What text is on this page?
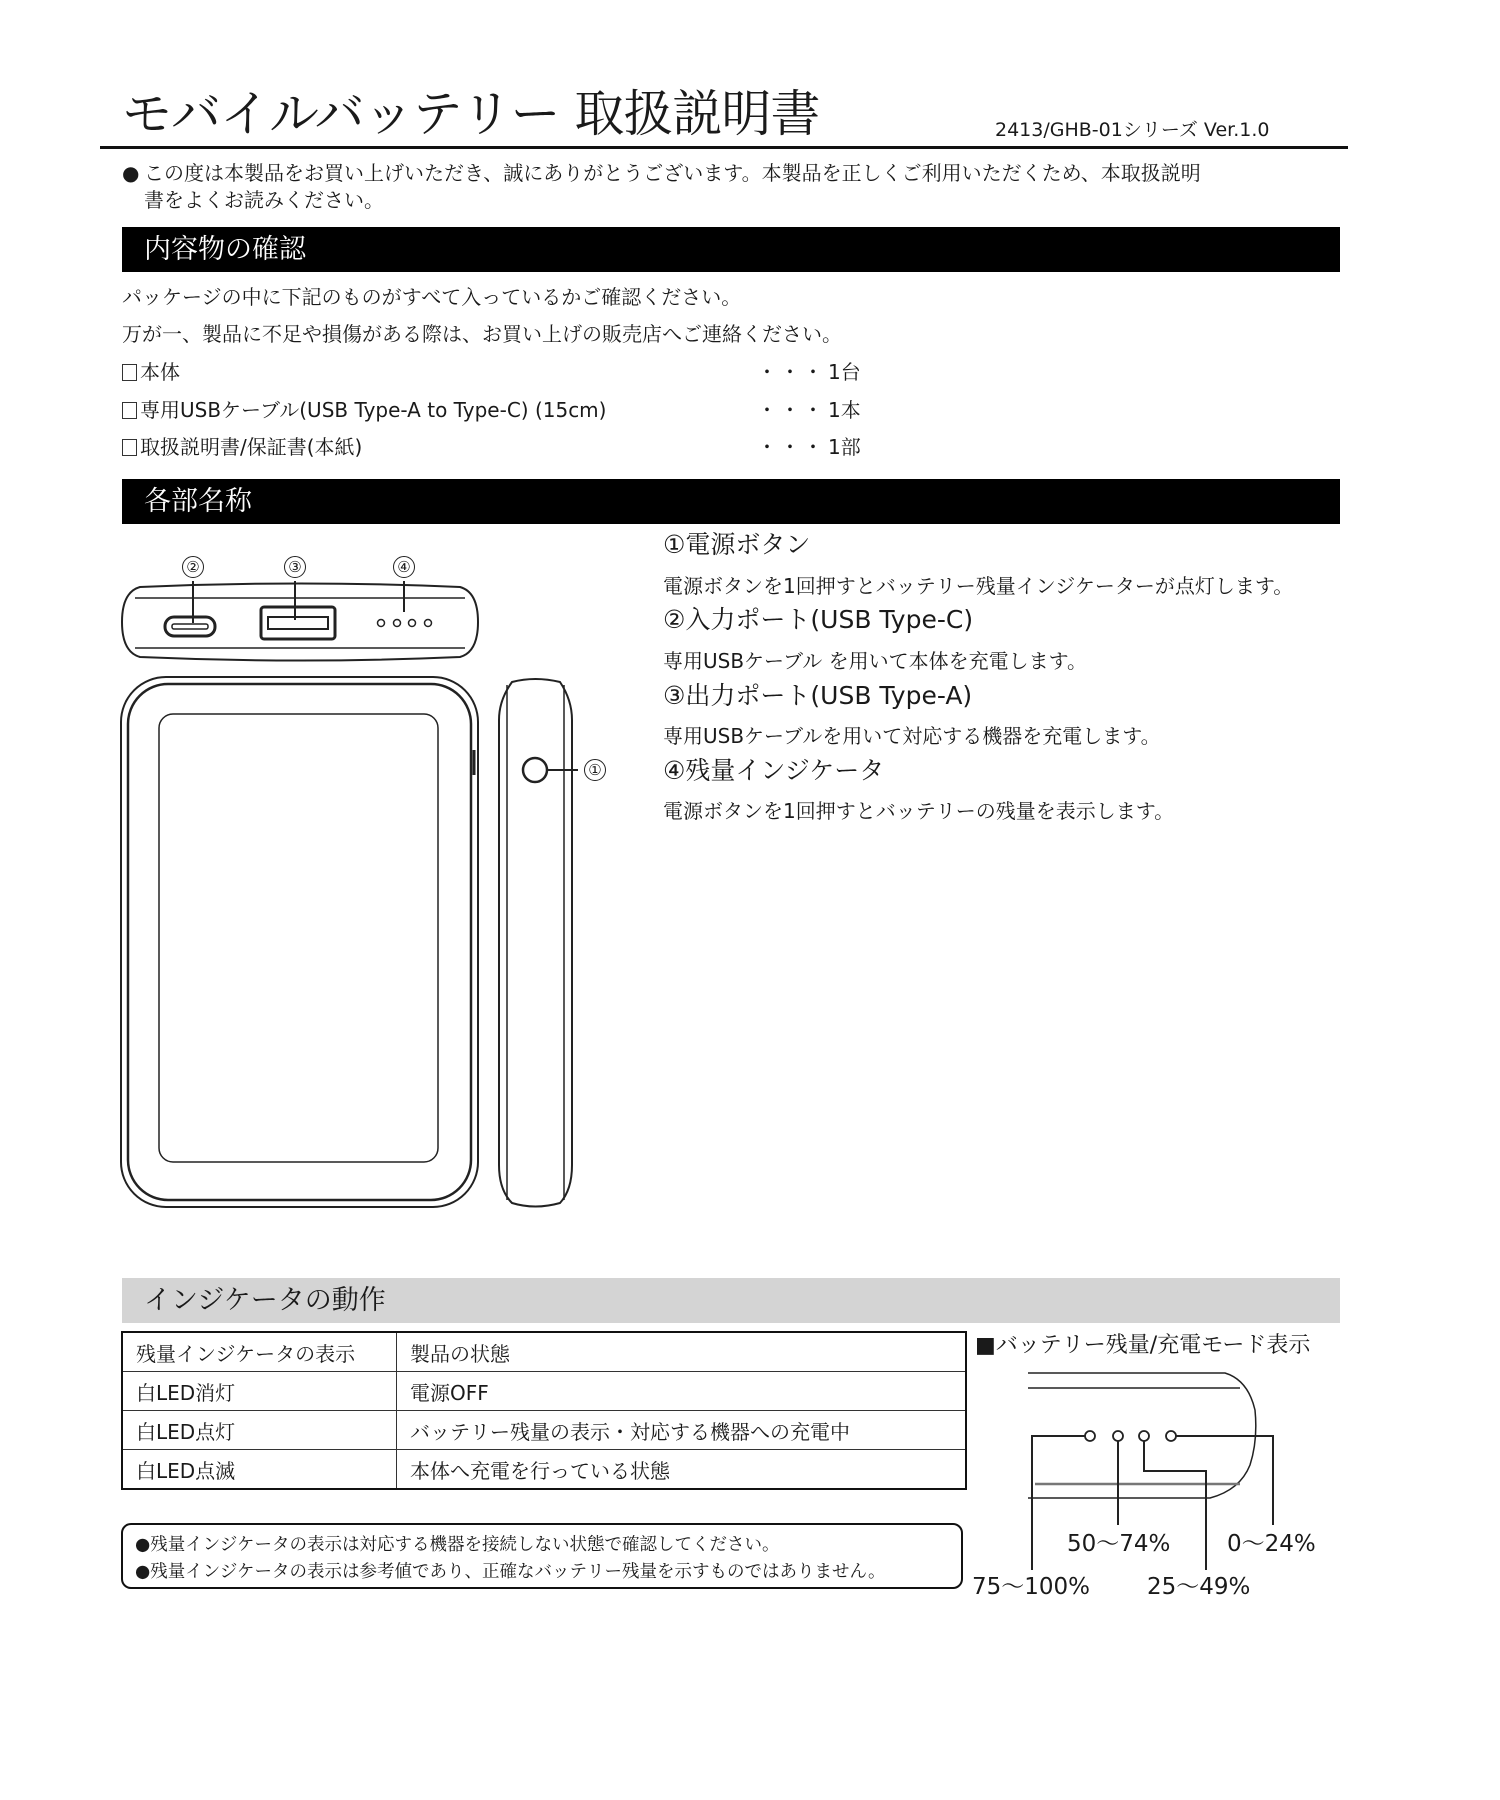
モバイルバッテリー 取扱説明書	2413/GHB-01シリーズ Ver.1.0
● この度は本製品をお買い上げいただき、誠にありがとうございます。本製品を正しくご利用いただくため、本取扱説明
書をよくお読みください。
内容物の確認
パッケージの中に下記のものがすべて入っているかご確認ください。
万が一、製品に不足や損傷がある際は、お買い上げの販売店へご連絡ください。
本体	・・・ 1台
専用USBケーブル(USB Type-A to Type-C) (15cm)	・・・ 1本
取扱説明書/保証書(本紙)	・・・ 1部
各部名称
②	③	④
①
①電源ボタン
電源ボタンを1回押すとバッテリー残量インジケーターが点灯します。
②入力ポート(USB Type-C)
専用USBケーブル を用いて本体を充電します。
③出力ポート(USB Type-A)
専用USBケーブルを用いて対応する機器を充電します。
④残量インジケータ
電源ボタンを1回押すとバッテリーの残量を表示します。
インジケータの動作
残量インジケータの表示	製品の状態
白LED消灯	電源OFF
白LED点灯	バッテリー残量の表示・対応する機器への充電中
白LED点滅	本体へ充電を行っている状態
●残量インジケータの表示は対応する機器を接続しない状態で確認してください。
●残量インジケータの表示は参考値であり、正確なバッテリー残量を示すものではありません。
■バッテリー残量/充電モード表示
75〜100%
50〜74%
25〜49%
0〜24%
